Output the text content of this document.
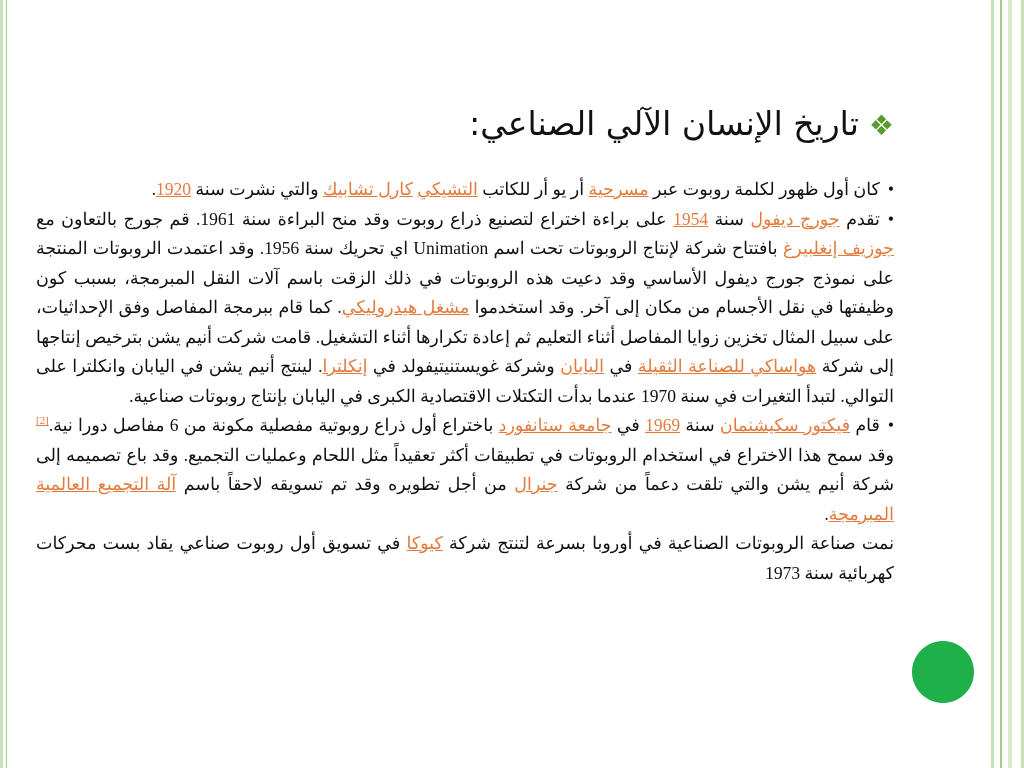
❖تاريخ الإنسان الآلي الصناعي:

•كان أول ظهور لكلمة روبوت عبر مسرحية أر يو أر للكاتب التشيكي كارل تشابيك والتي نشرت سنة 1920.

•تقدم جورج ديفول سنة 1954 على براءة اختراع لتصنيع ذراع روبوت وقد منح البراءة سنة 1961. قم جورج بالتعاون مع جوزيف إنغلبيرغ بافتتاح شركة لإنتاج الروبوتات تحت اسم Unimation اي تحريك سنة 1956. وقد اعتمدت الروبوتات المنتجة على نموذج جورج ديفول الأساسي وقد دعيت هذه الروبوتات في ذلك الزقت باسم آلات النقل المبرمجة، بسبب كون وظيفتها في نقل الأجسام من مكان إلى آخر. وقد استخدموا مشغل هيدروليكي. كما قام ببرمجة المفاصل وفق الإحداثيات، على سبيل المثال تخزين زوايا المفاصل أثناء التعليم ثم إعادة تكرارها أثناء التشغيل. قامت شركت أنيم يشن بترخيص إنتاجها إلى شركة هواساكي للصناعة الثقيلة في اليابان وشركة غويستنيتيفولد في إنكلترا. لينتج أنيم يشن في اليابان وانكلترا على التوالي. لتبدأ التغيرات في سنة 1970 عندما بدأت التكتلات الاقتصادية الكبرى في اليابان بإنتاج روبوتات صناعية.

•قام فيكتور سكيشنمان سنة 1969 في جامعة ستانفورد باختراع أول ذراع روبوتية مفصلية مكونة من 6 مفاصل دورا نية.[2] وقد سمح هذا الاختراع في استخدام الروبوتات في تطبيقات أكثر تعقيداً مثل اللحام وعمليات التجميع. وقد باع تصميمه إلى شركة أنيم يشن والتي تلقت دعماً من شركة جنرال من أجل تطويره وقد تم تسويقه لاحقاً باسم آلة التجميع العالمية المبرمجة.

نمت صناعة الروبوتات الصناعية في أوروبا بسرعة لتنتج شركة كيوكا في تسويق أول روبوت صناعي يقاد بست محركات كهربائية سنة 1973
